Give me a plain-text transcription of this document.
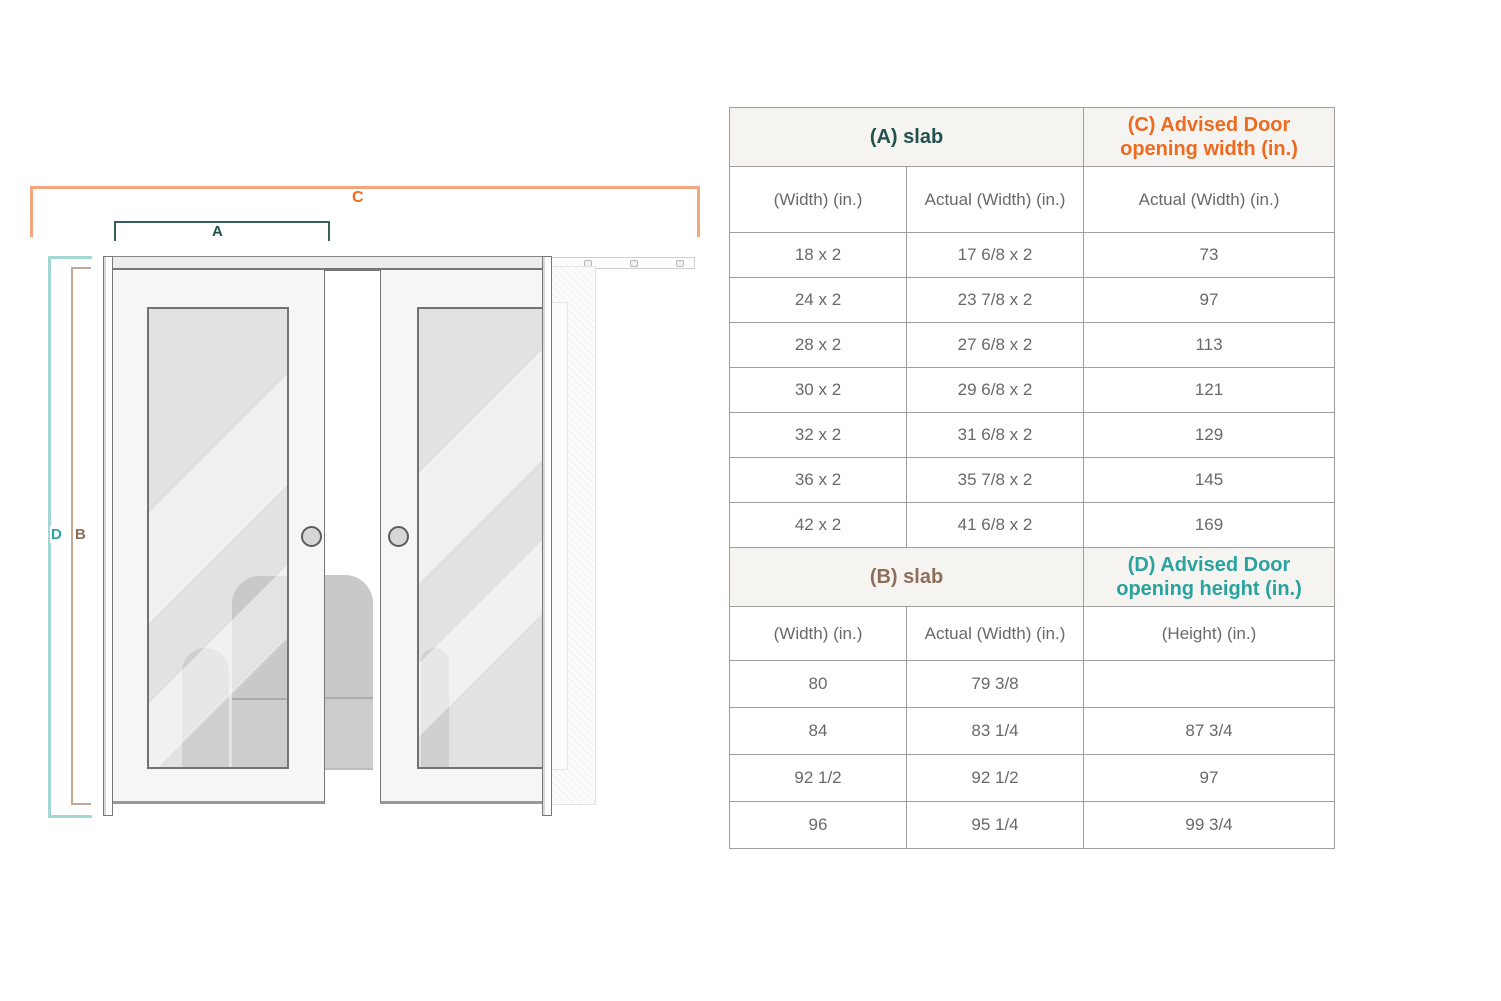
C
A
D B
(A) slab		(C) Advised Door opening width (in.)
(Width) (in.)	Actual (Width) (in.)	Actual (Width) (in.)
18 x 2	17 6/8 x 2	73
24 x 2	23 7/8 x 2	97
28 x 2	27 6/8 x 2	113
30 x 2	29 6/8 x 2	121
32 x 2	31 6/8 x 2	129
36 x 2	35 7/8 x 2	145
42 x 2	41 6/8 x 2	169
(B) slab		(D) Advised Door opening height (in.)
(Width) (in.)	Actual (Width) (in.)	(Height) (in.)
80	79 3/8	
84	83 1/4	87 3/4
92 1/2	92 1/2	97
96	95 1/4	99 3/4
